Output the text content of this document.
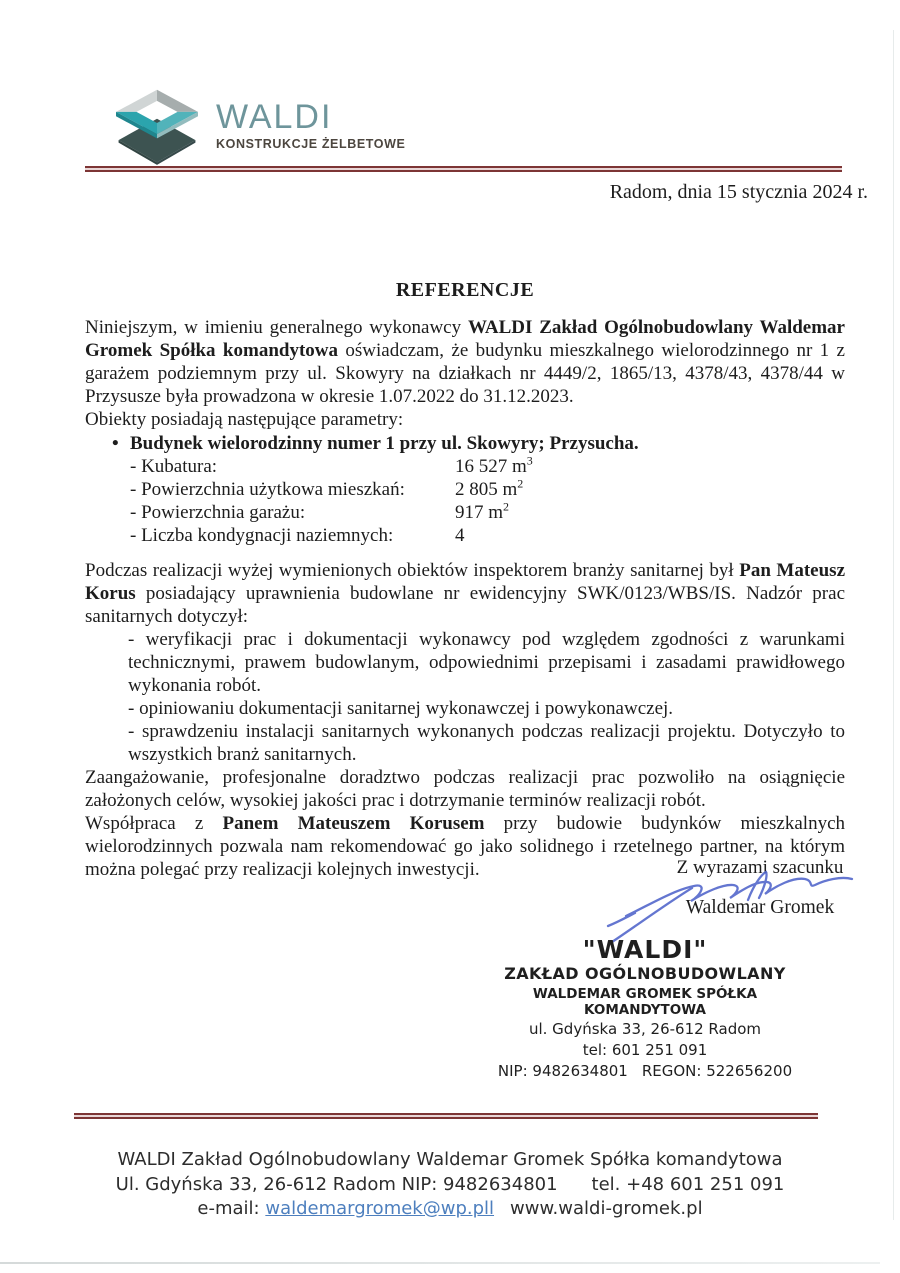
WALDI
KONSTRUKCJE ŻELBETOWE
Radom, dnia 15 stycznia 2024 r.
REFERENCJE

Niniejszym, w imieniu generalnego wykonawcy WALDI Zakład Ogólnobudowlany Waldemar Gromek Spółka komandytowa oświadczam, że budynku mieszkalnego wielorodzinnego nr 1 z garażem podziemnym przy ul. Skowyry na działkach nr 4449/2, 1865/13, 4378/43, 4378/44 w Przysusze była prowadzona w okresie 1.07.2022 do 31.12.2023.

Obiekty posiadają następujące parametry:

• Budynek wielorodzinny numer 1 przy ul. Skowyry; Przysucha.
- Kubatura:	16 527 $m^3$
- Powierzchnia użytkowa mieszkań:	2 805 $m^2$
- Powierzchnia garażu:	917 $m^2$
- Liczba kondygnacji naziemnych:	4

Podczas realizacji wyżej wymienionych obiektów inspektorem branży sanitarnej był Pan Mateusz Korus posiadający uprawnienia budowlane nr ewidencyjny SWK/0123/WBS/IS. Nadzór prac sanitarnych dotyczył:

- weryfikacji prac i dokumentacji wykonawcy pod względem zgodności z warunkami technicznymi, prawem budowlanym, odpowiednimi przepisami i zasadami prawidłowego wykonania robót.
- opiniowaniu dokumentacji sanitarnej wykonawczej i powykonawczej.
- sprawdzeniu instalacji sanitarnych wykonanych podczas realizacji projektu. Dotyczyło to wszystkich branż sanitarnych.

Zaangażowanie, profesjonalne doradztwo podczas realizacji prac pozwoliło na osiągnięcie założonych celów, wysokiej jakości prac i dotrzymanie terminów realizacji robót.

Współpraca z Panem Mateuszem Korusem przy budowie budynków mieszkalnych wielorodzinnych pozwala nam rekomendować go jako solidnego i rzetelnego partner, na którym można polegać przy realizacji kolejnych inwestycji.	Z wyrazami szacunku
Waldemar Gromek
"WALDI"
ZAKŁAD OGÓLNOBUDOWLANY
WALDEMAR GROMEK SPÓŁKA KOMANDYTOWA
ul. Gdyńska 33, 26-612 Radom
tel: 601 251 091
NIP: 9482634801 REGON: 522656200
WALDI Zakład Ogólnobudowlany Waldemar Gromek Spółka komandytowa
Ul. Gdyńska 33, 26-612 Radom NIP: 9482634801 tel. +48 601 251 091
e-mail: waldemargromek@wp.pll www.waldi-gromek.pl
